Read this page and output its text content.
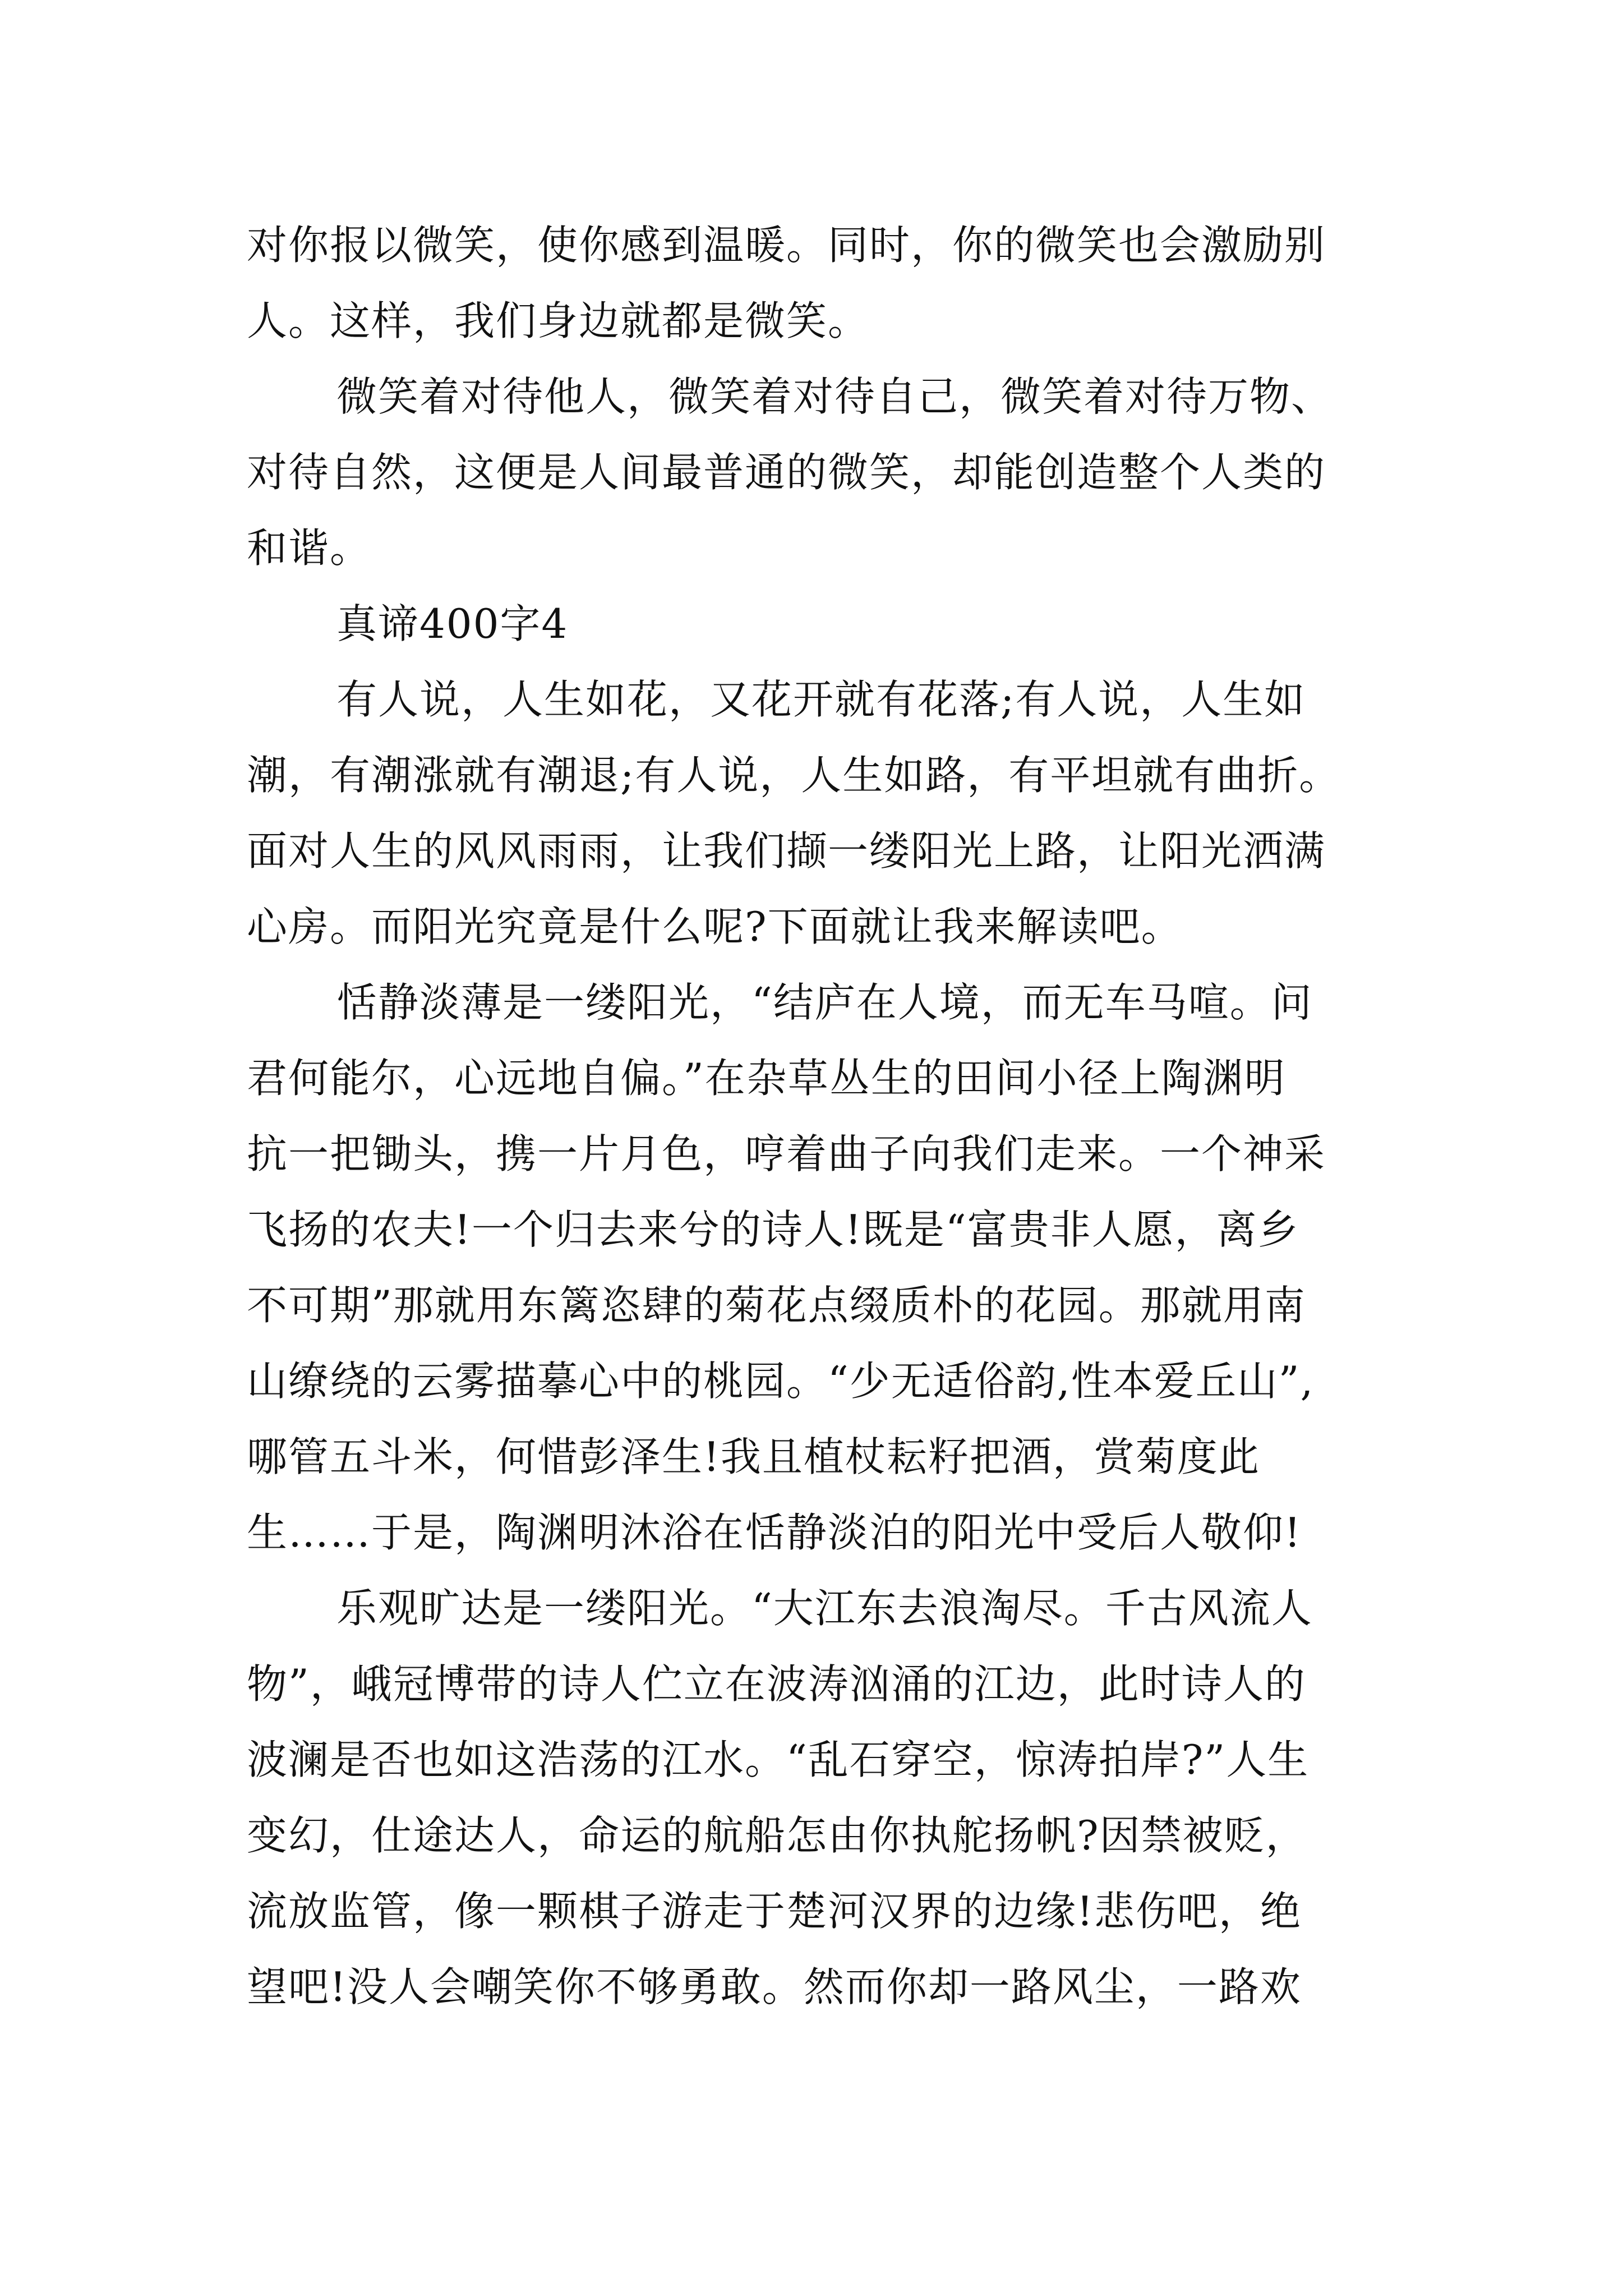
对你报以微笑，使你感到温暖。同时，你的微笑也会激励别
人。这样，我们身边就都是微笑。
微笑着对待他人，微笑着对待自己，微笑着对待万物、
对待自然，这便是人间最普通的微笑，却能创造整个人类的
和谐。
真谛400字4
有人说，人生如花，又花开就有花落;有人说，人生如
潮，有潮涨就有潮退;有人说，人生如路，有平坦就有曲折。
面对人生的风风雨雨，让我们撷一缕阳光上路，让阳光洒满
心房。而阳光究竟是什么呢?下面就让我来解读吧。
恬静淡薄是一缕阳光，“结庐在人境，而无车马喧。问
君何能尔，心远地自偏。”在杂草丛生的田间小径上陶渊明
抗一把锄头，携一片月色，哼着曲子向我们走来。一个神采
飞扬的农夫!一个归去来兮的诗人!既是“富贵非人愿，离乡
不可期”那就用东篱恣肆的菊花点缀质朴的花园。那就用南
山缭绕的云雾描摹心中的桃园。“少无适俗韵,性本爱丘山”,
哪管五斗米，何惜彭泽生!我且植杖耘籽把酒，赏菊度此
生……于是，陶渊明沐浴在恬静淡泊的阳光中受后人敬仰!
乐观旷达是一缕阳光。“大江东去浪淘尽。千古风流人
物”，峨冠博带的诗人伫立在波涛汹涌的江边，此时诗人的
波澜是否也如这浩荡的江水。“乱石穿空，惊涛拍岸?”人生
变幻，仕途达人，命运的航船怎由你执舵扬帆?因禁被贬，
流放监管，像一颗棋子游走于楚河汉界的边缘!悲伤吧，绝
望吧!没人会嘲笑你不够勇敢。然而你却一路风尘，一路欢
